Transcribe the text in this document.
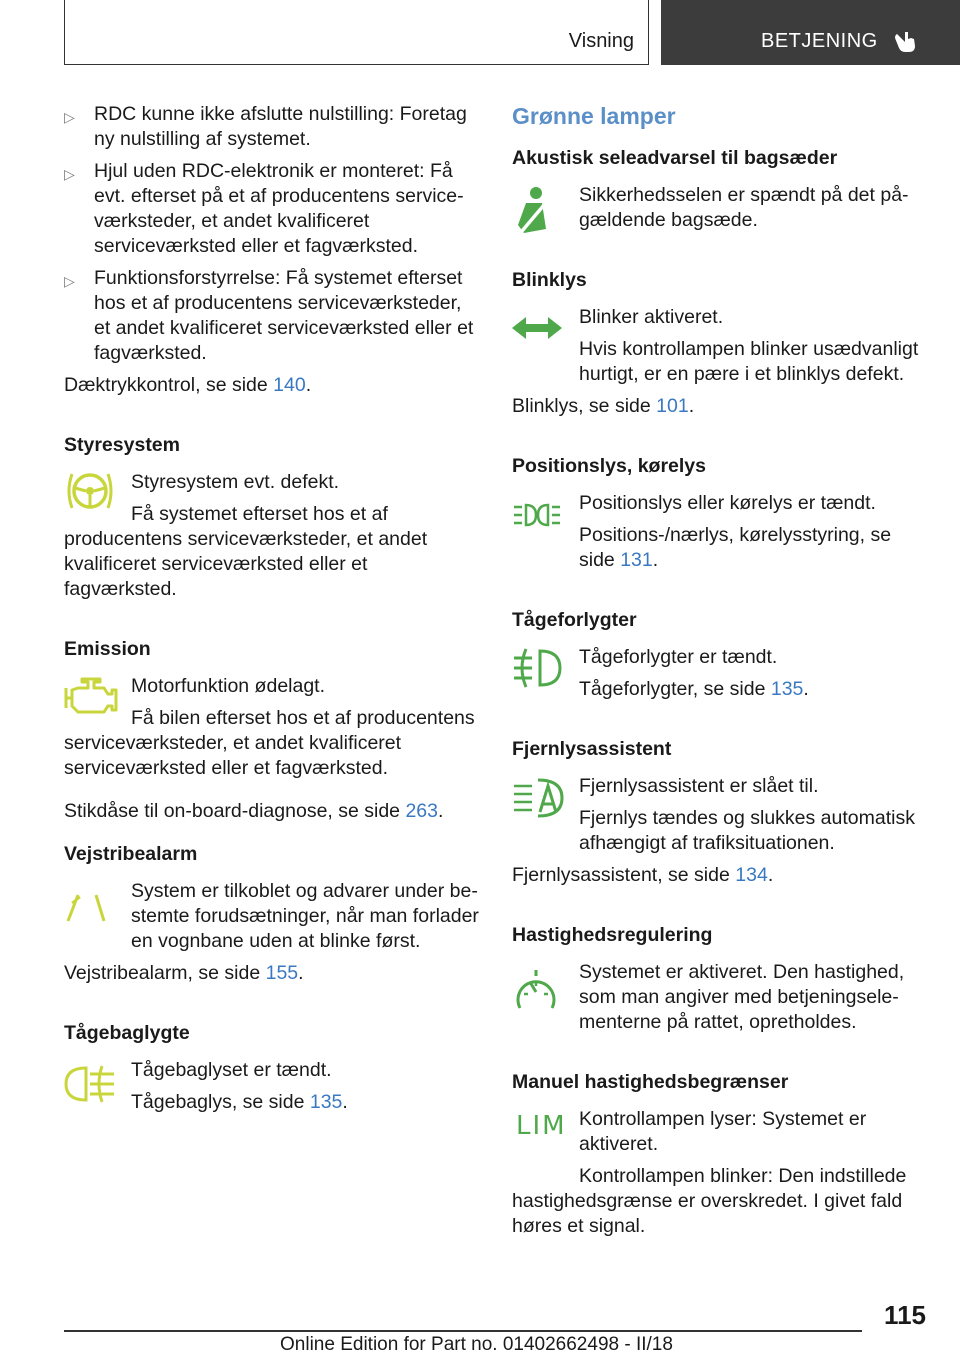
Visning	BETJENING
▷ RDC kunne ikke afslutte nulstilling: Foretag ny nulstilling af systemet.
▷ Hjul uden RDC-elektronik er monteret: Få evt. efterset på et af producentens serviceværksteder, et andet kvalificeret serviceværksted eller et fagværksted.
▷ Funktionsforstyrrelse: Få systemet efterset hos et af producentens serviceværksteder, et andet kvalificeret serviceværksted eller et fagværksted.

Dæktrykkontrol, se side 140.

Styresystem

Styresystem evt. defekt.

Få systemet efterset hos et af producentens serviceværksteder, et andet kvalificeret serviceværksted eller et fagværksted.

Emission

Motorfunktion ødelagt.

Få bilen efterset hos et af producentens serviceværksteder, et andet kvalificeret serviceværksted eller et fagværksted.

Stikdåse til on-board-diagnose, se side 263.

Vejstribealarm

System er tilkoblet og advarer under bestemte forudsætninger, når man forlader en vognbane uden at blinke først.

Vejstribealarm, se side 155.

Tågebaglygte

Tågebaglyset er tændt.

Tågebaglys, se side 135.

Grønne lamper
Akustisk seleadvarsel til bagsæder

Sikkerhedsselen er spændt på det pågældende bagsæde.

Blinklys

Blinker aktiveret.

Hvis kontrollampen blinker usædvanligt hurtigt, er en pære i et blinklys defekt.

Blinklys, se side 101.

Positionslys, kørelys

Positionslys eller kørelys er tændt.

Positions-/nærlys, kørelysstyring, se side 131.

Tågeforlygter

Tågeforlygter er tændt.

Tågeforlygter, se side 135.

Fjernlysassistent

Fjernlysassistent er slået til.

Fjernlys tændes og slukkes automatisk afhængigt af trafiksituationen.

Fjernlysassistent, se side 134.

Hastighedsregulering

Systemet er aktiveret. Den hastighed, som man angiver med betjeningselementerne på rattet, opretholdes.

Manuel hastighedsbegrænser
LIM Kontrollampen lyser: Systemet er aktiveret.

Kontrollampen blinker: Den indstillede hastighedsgrænse er overskredet. I givet fald høres et signal.

115
Online Edition for Part no. 01402662498 - II/18
